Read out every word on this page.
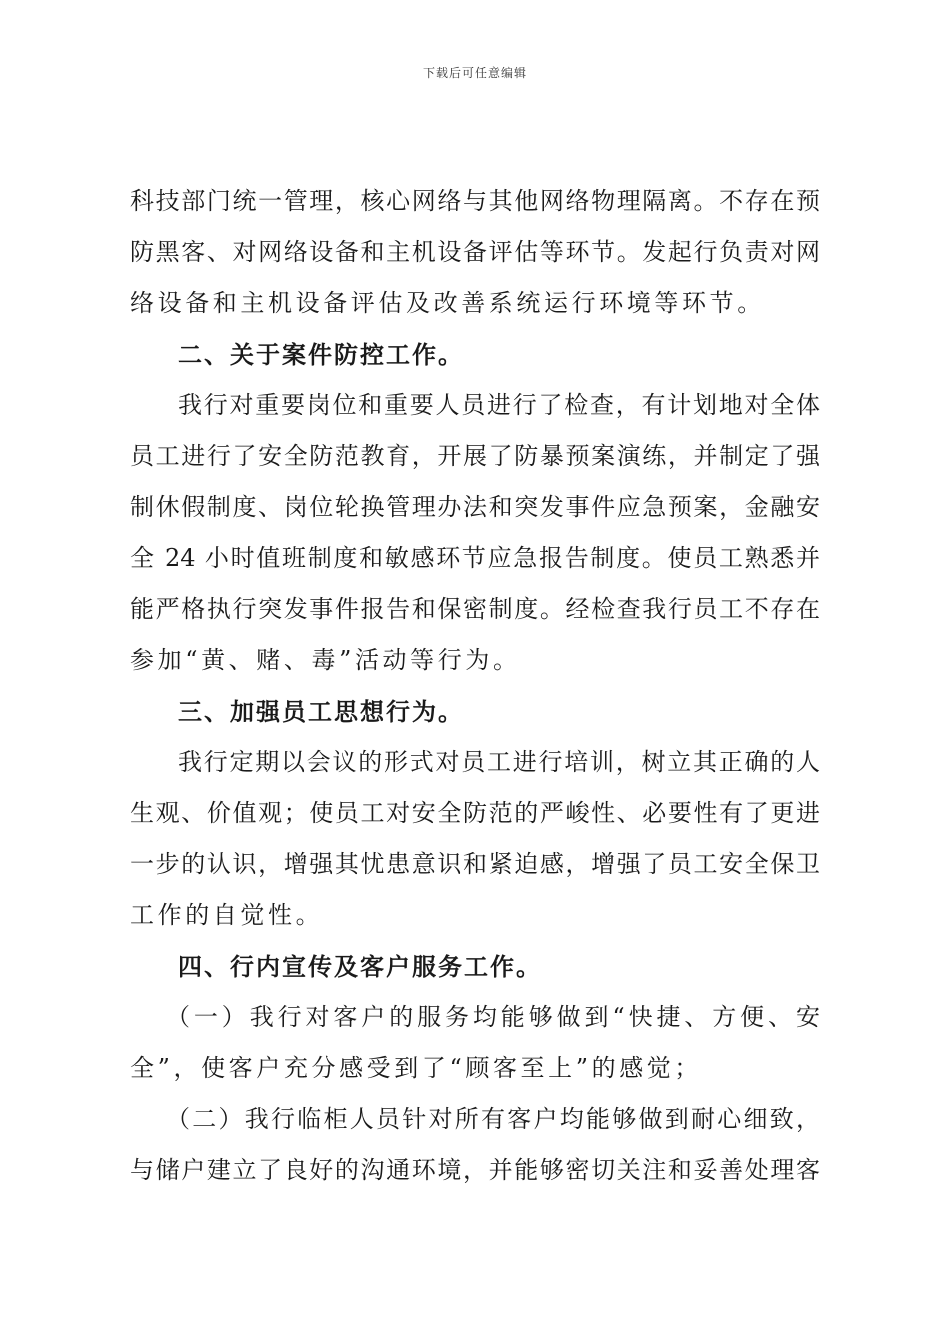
下载后可任意编辑
科技部门统一管理，核心网络与其他网络物理隔离。不存在预
防黑客、对网络设备和主机设备评估等环节。发起行负责对网
络设备和主机设备评估及改善系统运行环境等环节。
二、关于案件防控工作。
我行对重要岗位和重要人员进行了检查，有计划地对全体
员工进行了安全防范教育，开展了防暴预案演练，并制定了强
制休假制度、岗位轮换管理办法和突发事件应急预案，金融安
全 24 小时值班制度和敏感环节应急报告制度。使员工熟悉并
能严格执行突发事件报告和保密制度。经检查我行员工不存在
参加“黄、赌、毒”活动等行为。
三、加强员工思想行为。
我行定期以会议的形式对员工进行培训，树立其正确的人
生观、价值观；使员工对安全防范的严峻性、必要性有了更进
一步的认识，增强其忧患意识和紧迫感，增强了员工安全保卫
工作的自觉性。
四、行内宣传及客户服务工作。
（一）我行对客户的服务均能够做到“快捷、方便、安
全”，使客户充分感受到了“顾客至上”的感觉；
（二）我行临柜人员针对所有客户均能够做到耐心细致，
与储户建立了良好的沟通环境，并能够密切关注和妥善处理客
